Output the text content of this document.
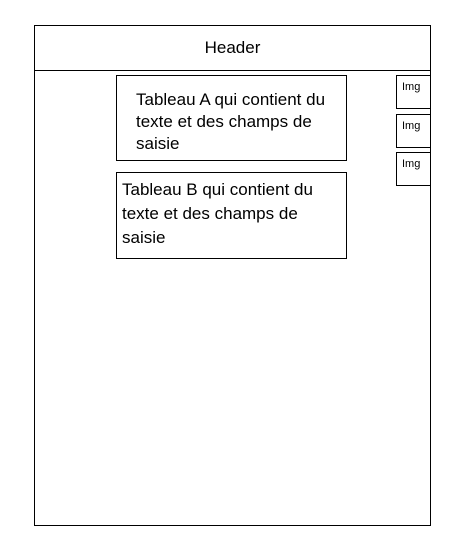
Header
Tableau A qui contient du texte et des champs de saisie
Tableau B qui contient du texte et des champs de saisie
Img
Img
Img
